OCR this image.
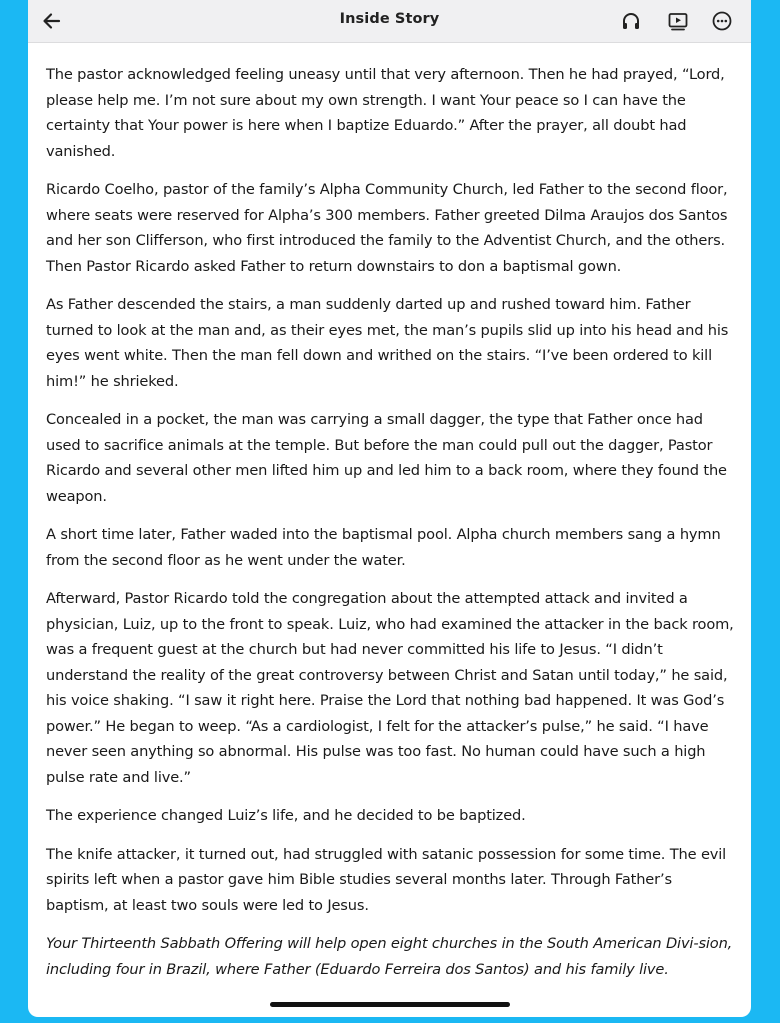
Inside Story

The pastor acknowledged feeling uneasy until that very afternoon. Then he had prayed, “Lord, please help me. I’m not sure about my own strength. I want Your peace so I can have the certainty that Your power is here when I baptize Eduardo.” After the prayer, all doubt had vanished.

Ricardo Coelho, pastor of the family’s Alpha Community Church, led Father to the second floor, where seats were reserved for Alpha’s 300 members. Father greeted Dilma Araujos dos Santos and her son Clifferson, who first introduced the family to the Adventist Church, and the others. Then Pastor Ricardo asked Father to return downstairs to don a baptismal gown.

As Father descended the stairs, a man suddenly darted up and rushed toward him. Father turned to look at the man and, as their eyes met, the man’s pupils slid up into his head and his eyes went white. Then the man fell down and writhed on the stairs. “I’ve been ordered to kill him!” he shrieked.

Concealed in a pocket, the man was carrying a small dagger, the type that Father once had used to sacrifice animals at the temple. But before the man could pull out the dagger, Pastor Ricardo and several other men lifted him up and led him to a back room, where they found the weapon.

A short time later, Father waded into the baptismal pool. Alpha church members sang a hymn from the second floor as he went under the water.

Afterward, Pastor Ricardo told the congregation about the attempted attack and invited a physician, Luiz, up to the front to speak. Luiz, who had examined the attacker in the back room, was a frequent guest at the church but had never committed his life to Jesus. “I didn’t understand the reality of the great controversy between Christ and Satan until today,” he said, his voice shaking. “I saw it right here. Praise the Lord that nothing bad happened. It was God’s power.” He began to weep. “As a cardiologist, I felt for the attacker’s pulse,” he said. “I have never seen anything so abnormal. His pulse was too fast. No human could have such a high pulse rate and live.”

The experience changed Luiz’s life, and he decided to be baptized.

The knife attacker, it turned out, had struggled with satanic possession for some time. The evil spirits left when a pastor gave him Bible studies several months later. Through Father’s baptism, at least two souls were led to Jesus.

Your Thirteenth Sabbath Offering will help open eight churches in the South American Divi-sion, including four in Brazil, where Father (Eduardo Ferreira dos Santos) and his family live.
